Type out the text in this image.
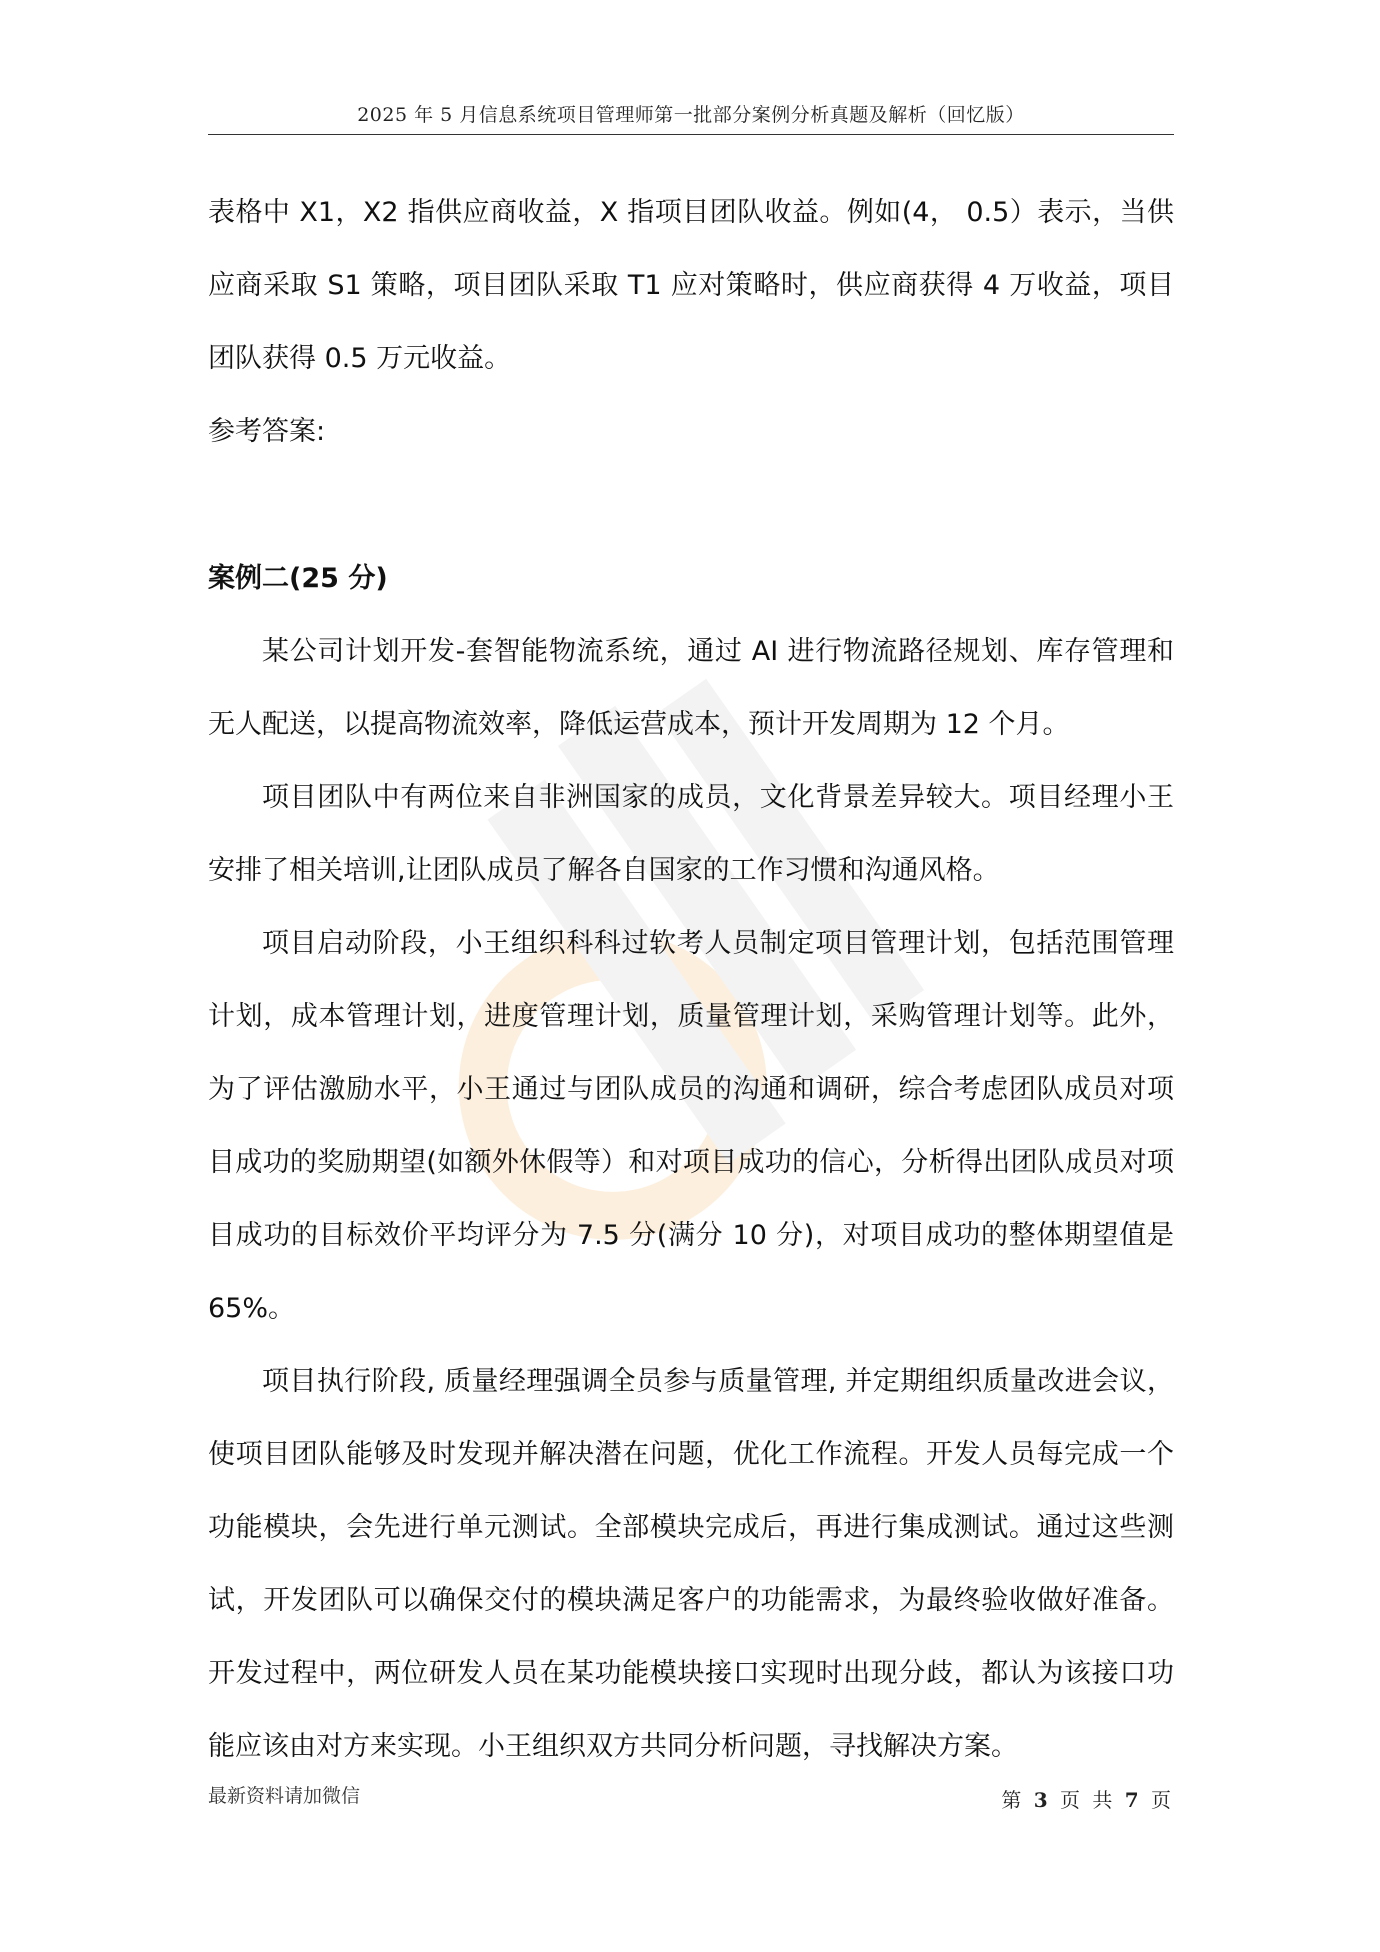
2025 年 5 月信息系统项目管理师第一批部分案例分析真题及解析（回忆版）

表格中 X1，X2 指供应商收益，X 指项目团队收益。例如(4， 0.5）表示，当供应商采取 S1 策略，项目团队采取 T1 应对策略时，供应商获得 4 万收益，项目团队获得 0.5 万元收益。

参考答案:

案例二(25 分)

某公司计划开发-套智能物流系统，通过 AI 进行物流路径规划、库存管理和无人配送，以提高物流效率，降低运营成本，预计开发周期为 12 个月。

项目团队中有两位来自非洲国家的成员，文化背景差异较大。项目经理小王安排了相关培训,让团队成员了解各自国家的工作习惯和沟通风格。

项目启动阶段，小王组织科科过软考人员制定项目管理计划，包括范围管理计划，成本管理计划，进度管理计划，质量管理计划，采购管理计划等。此外，为了评估激励水平，小王通过与团队成员的沟通和调研，综合考虑团队成员对项目成功的奖励期望(如额外休假等）和对项目成功的信心，分析得出团队成员对项目成功的目标效价平均评分为 7.5 分(满分 10 分)，对项目成功的整体期望值是 65%。

项目执行阶段, 质量经理强调全员参与质量管理, 并定期组织质量改进会议，使项目团队能够及时发现并解决潜在问题，优化工作流程。开发人员每完成一个功能模块，会先进行单元测试。全部模块完成后，再进行集成测试。通过这些测试，开发团队可以确保交付的模块满足客户的功能需求，为最终验收做好准备。开发过程中，两位研发人员在某功能模块接口实现时出现分歧，都认为该接口功能应该由对方来实现。小王组织双方共同分析问题，寻找解决方案。

最新资料请加微信	第 3 页 共 7 页
